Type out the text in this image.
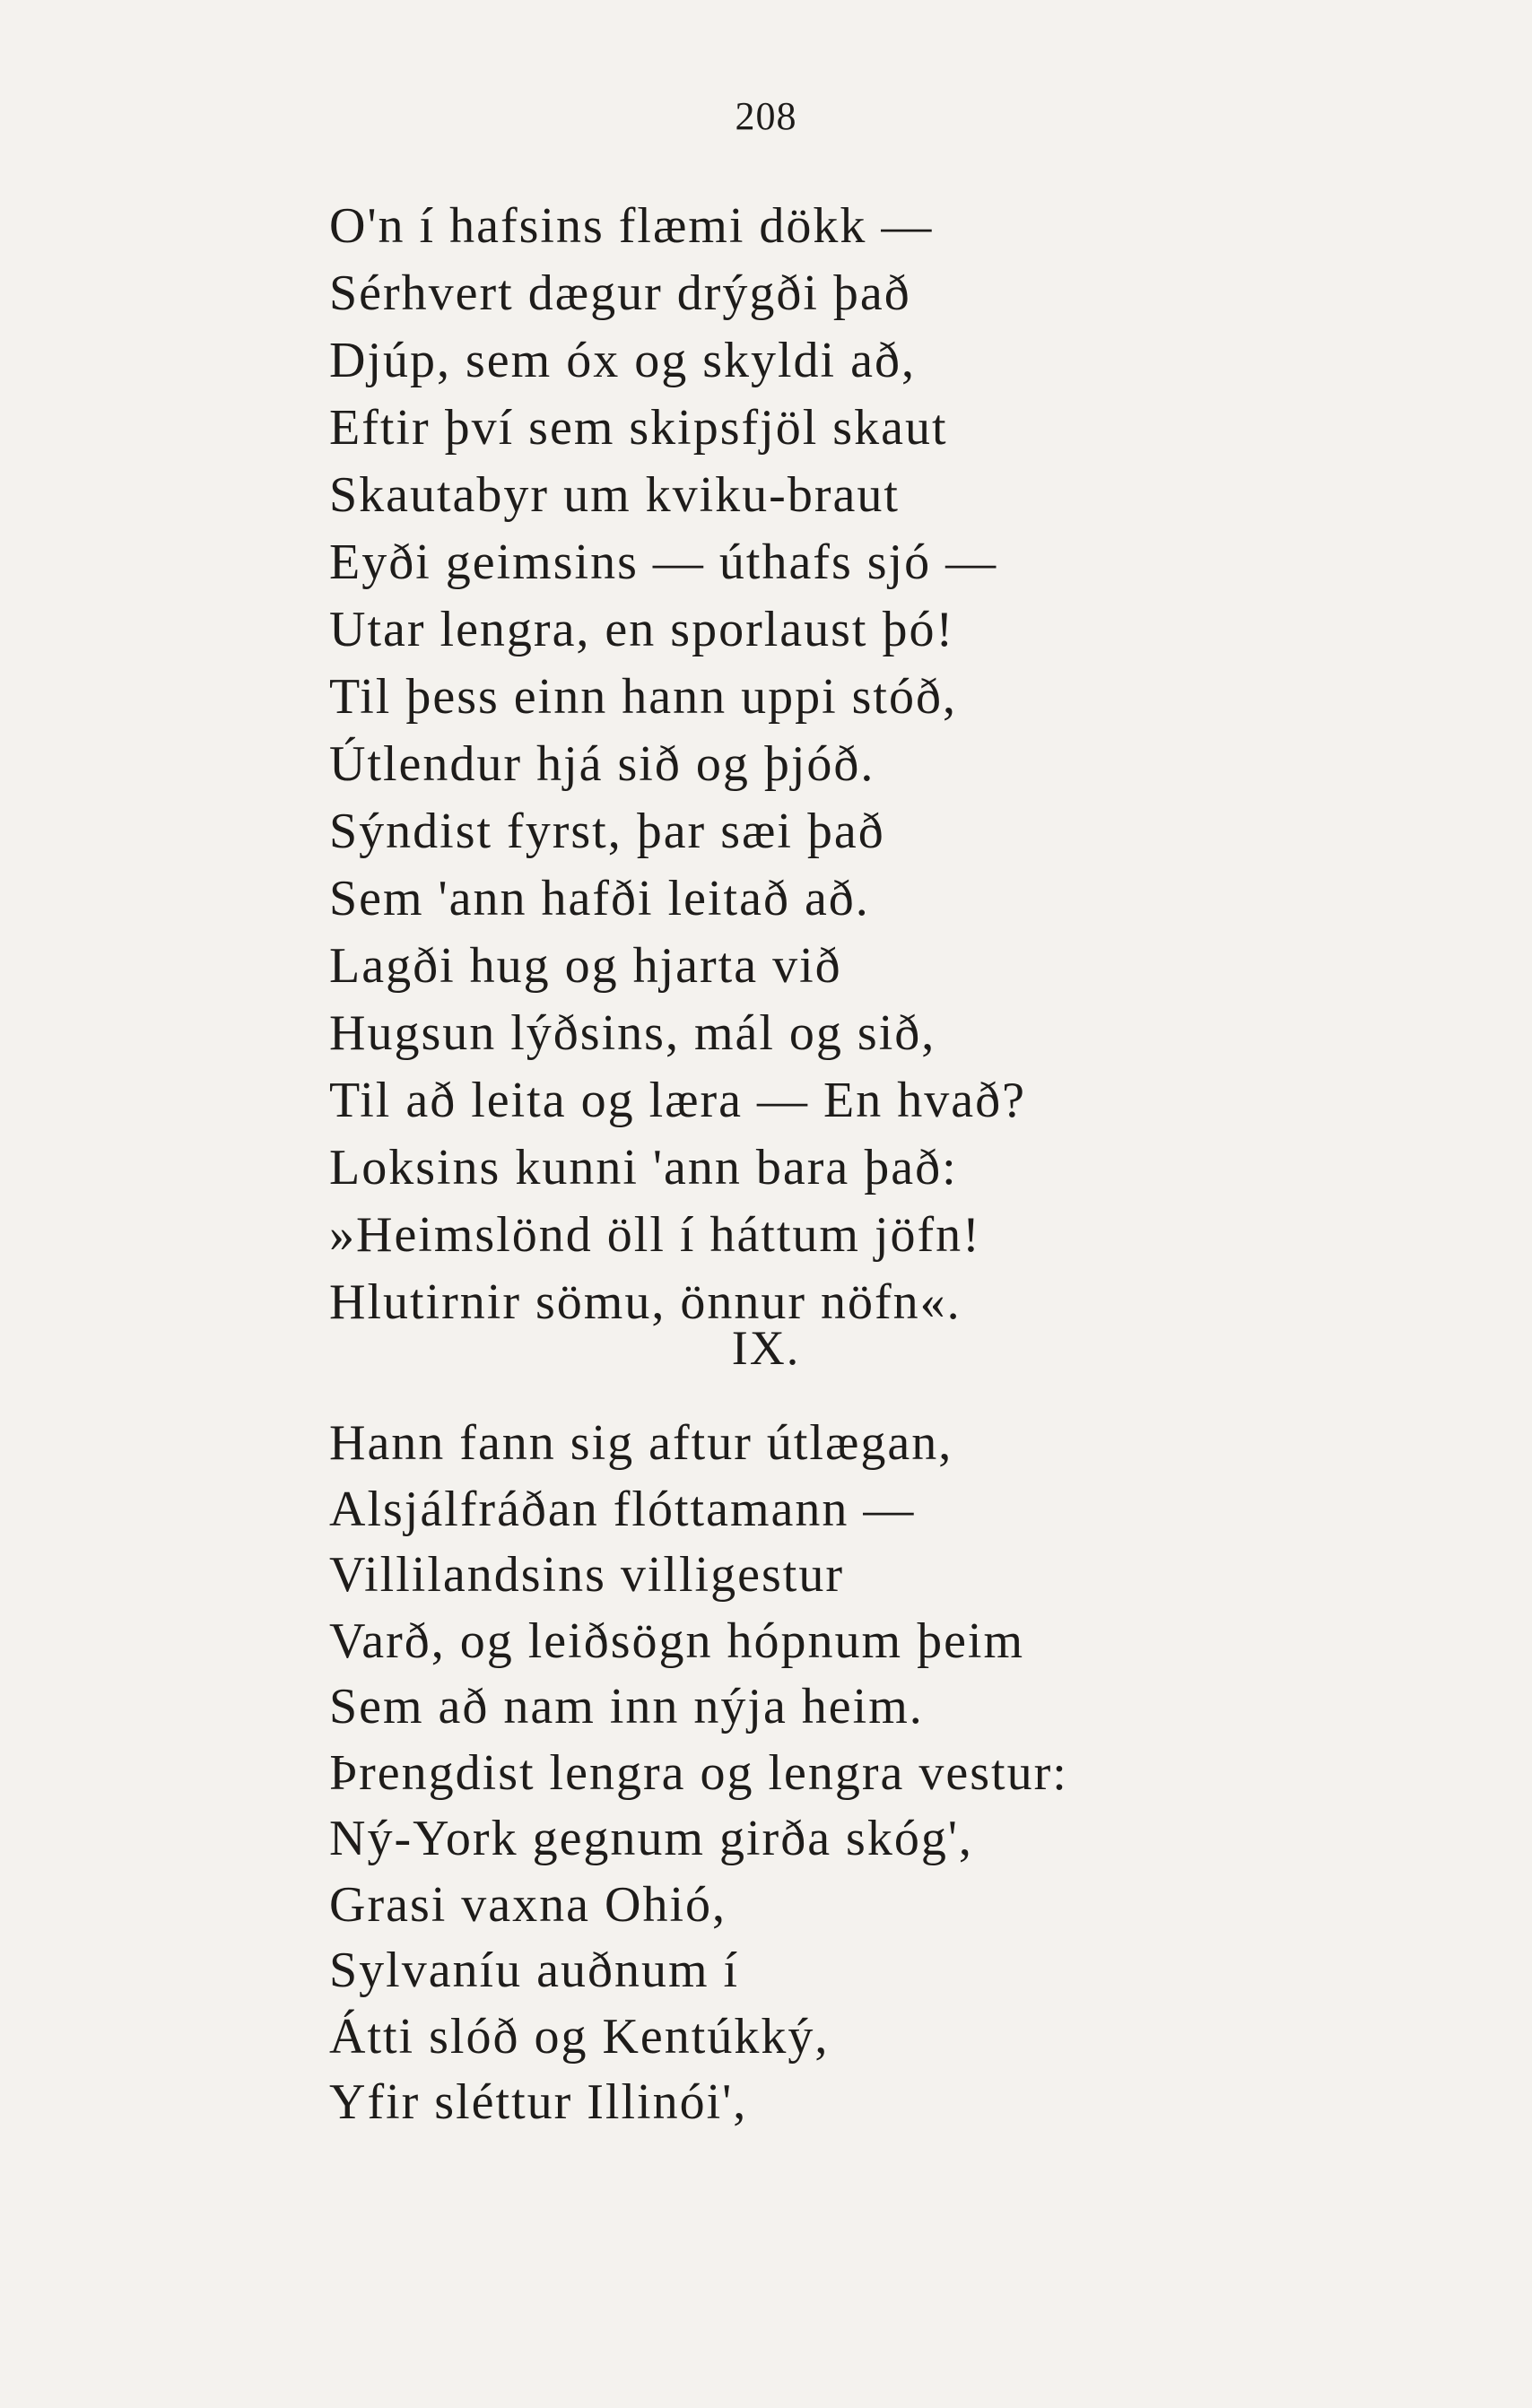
208
O'n í hafsins flæmi dökk —
Sérhvert dægur drýgði það
Djúp, sem óx og skyldi að,
Eftir því sem skipsfjöl skaut
Skautabyr um kviku-braut
Eyði geimsins — úthafs sjó —
Utar lengra, en sporlaust þó!
Til þess einn hann uppi stóð,
Útlendur hjá sið og þjóð.
Sýndist fyrst, þar sæi það
Sem 'ann hafði leitað að.
Lagði hug og hjarta við
Hugsun lýðsins, mál og sið,
Til að leita og læra — En hvað?
Loksins kunni 'ann bara það:
»Heimslönd öll í háttum jöfn!
Hlutirnir sömu, önnur nöfn«.
IX.
Hann fann sig aftur útlægan,
Alsjálfráðan flóttamann —
Villilandsins villigestur
Varð, og leiðsögn hópnum þeim
Sem að nam inn nýja heim.
Þrengdist lengra og lengra vestur:
Ný-York gegnum girða skóg',
Grasi vaxna Ohió,
Sylvaníu auðnum í
Átti slóð og Kentúkký,
Yfir sléttur Illinói',
